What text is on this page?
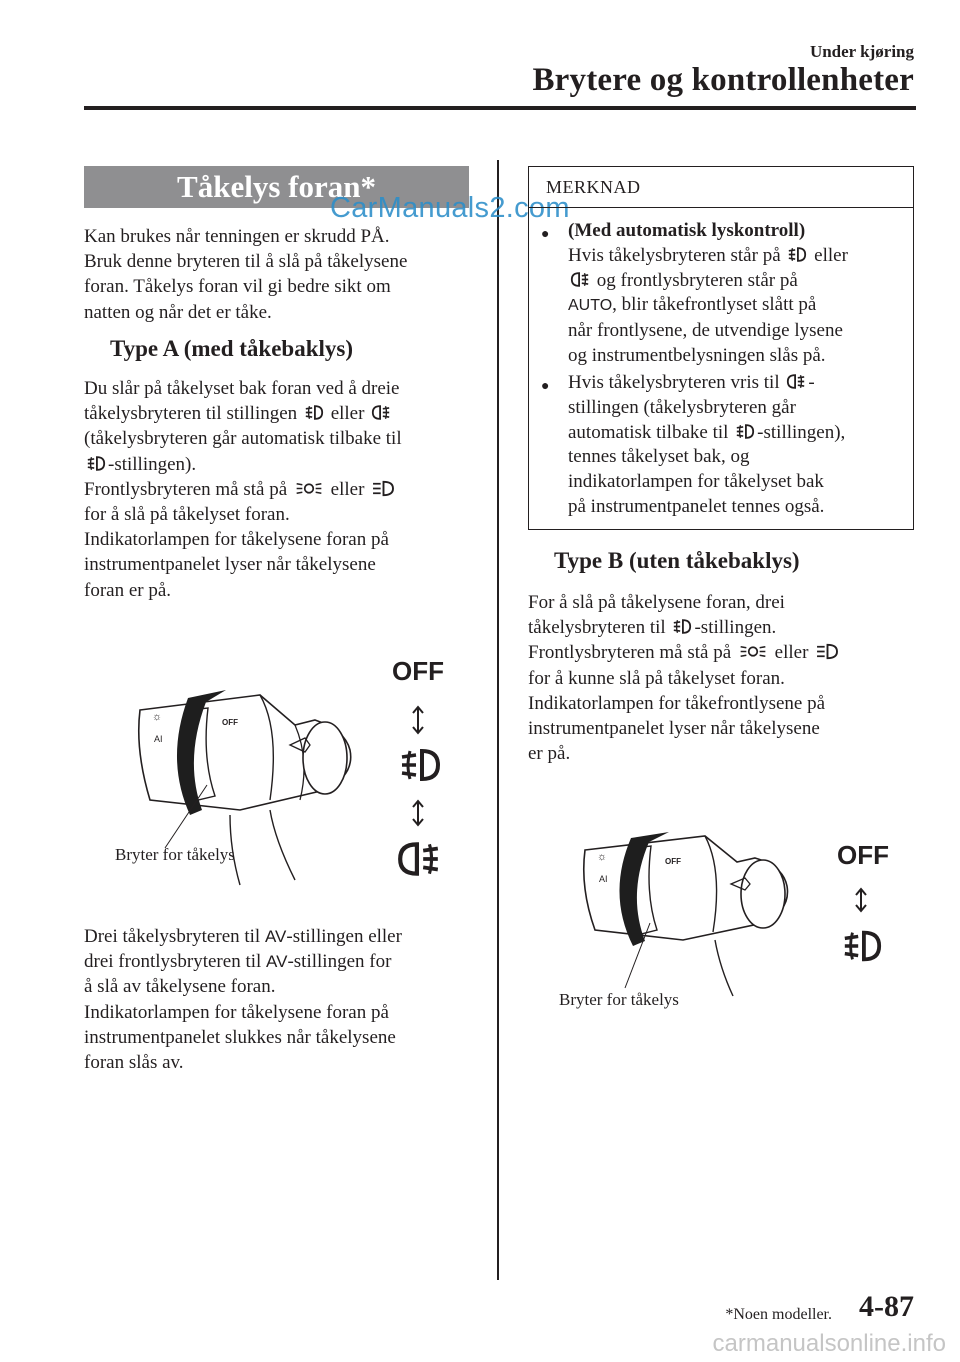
Under kjøring
Brytere og kontrollenheter
Tåkelys foran*
CarManuals2.com
Kan brukes når tenningen er skrudd PÅ.
Bruk denne bryteren til å slå på tåkelysene
foran. Tåkelys foran vil gi bedre sikt om
natten og når det er tåke.
Type A (med tåkebaklys)
Du slår på tåkelyset bak foran ved å dreie
tåkelysbryteren til stillingen eller
(tåkelysbryteren går automatisk tilbake til
-stillingen).
Frontlysbryteren må stå på eller
for å slå på tåkelyset foran.
Indikatorlampen for tåkelysene foran på
instrumentpanelet lyser når tåkelysene
foran er på.
☼
AI
OFF
OFF
Bryter for tåkelys
Drei tåkelysbryteren til AV-stillingen eller
drei frontlysbryteren til AV-stillingen for
å slå av tåkelysene foran.
Indikatorlampen for tåkelysene foran på
instrumentpanelet slukkes når tåkelysene
foran slås av.
MERKNAD
● (Med automatisk lyskontroll)
Hvis tåkelysbryteren står på eller
og frontlysbryteren står på
AUTO, blir tåkefrontlyset slått på
når frontlysene, de utvendige lysene
og instrumentbelysningen slås på.
● Hvis tåkelysbryteren vris til -
stillingen (tåkelysbryteren går
automatisk tilbake til -stillingen),
tennes tåkelyset bak, og
indikatorlampen for tåkelyset bak
på instrumentpanelet tennes også.
Type B (uten tåkebaklys)
For å slå på tåkelysene foran, drei
tåkelysbryteren til -stillingen.
Frontlysbryteren må stå på eller
for å kunne slå på tåkelyset foran.
Indikatorlampen for tåkefrontlysene på
instrumentpanelet lyser når tåkelysene
er på.
☼
AI
OFF	OFF
Bryter for tåkelys
*Noen modeller. 4-87
carmanualsonline.info
